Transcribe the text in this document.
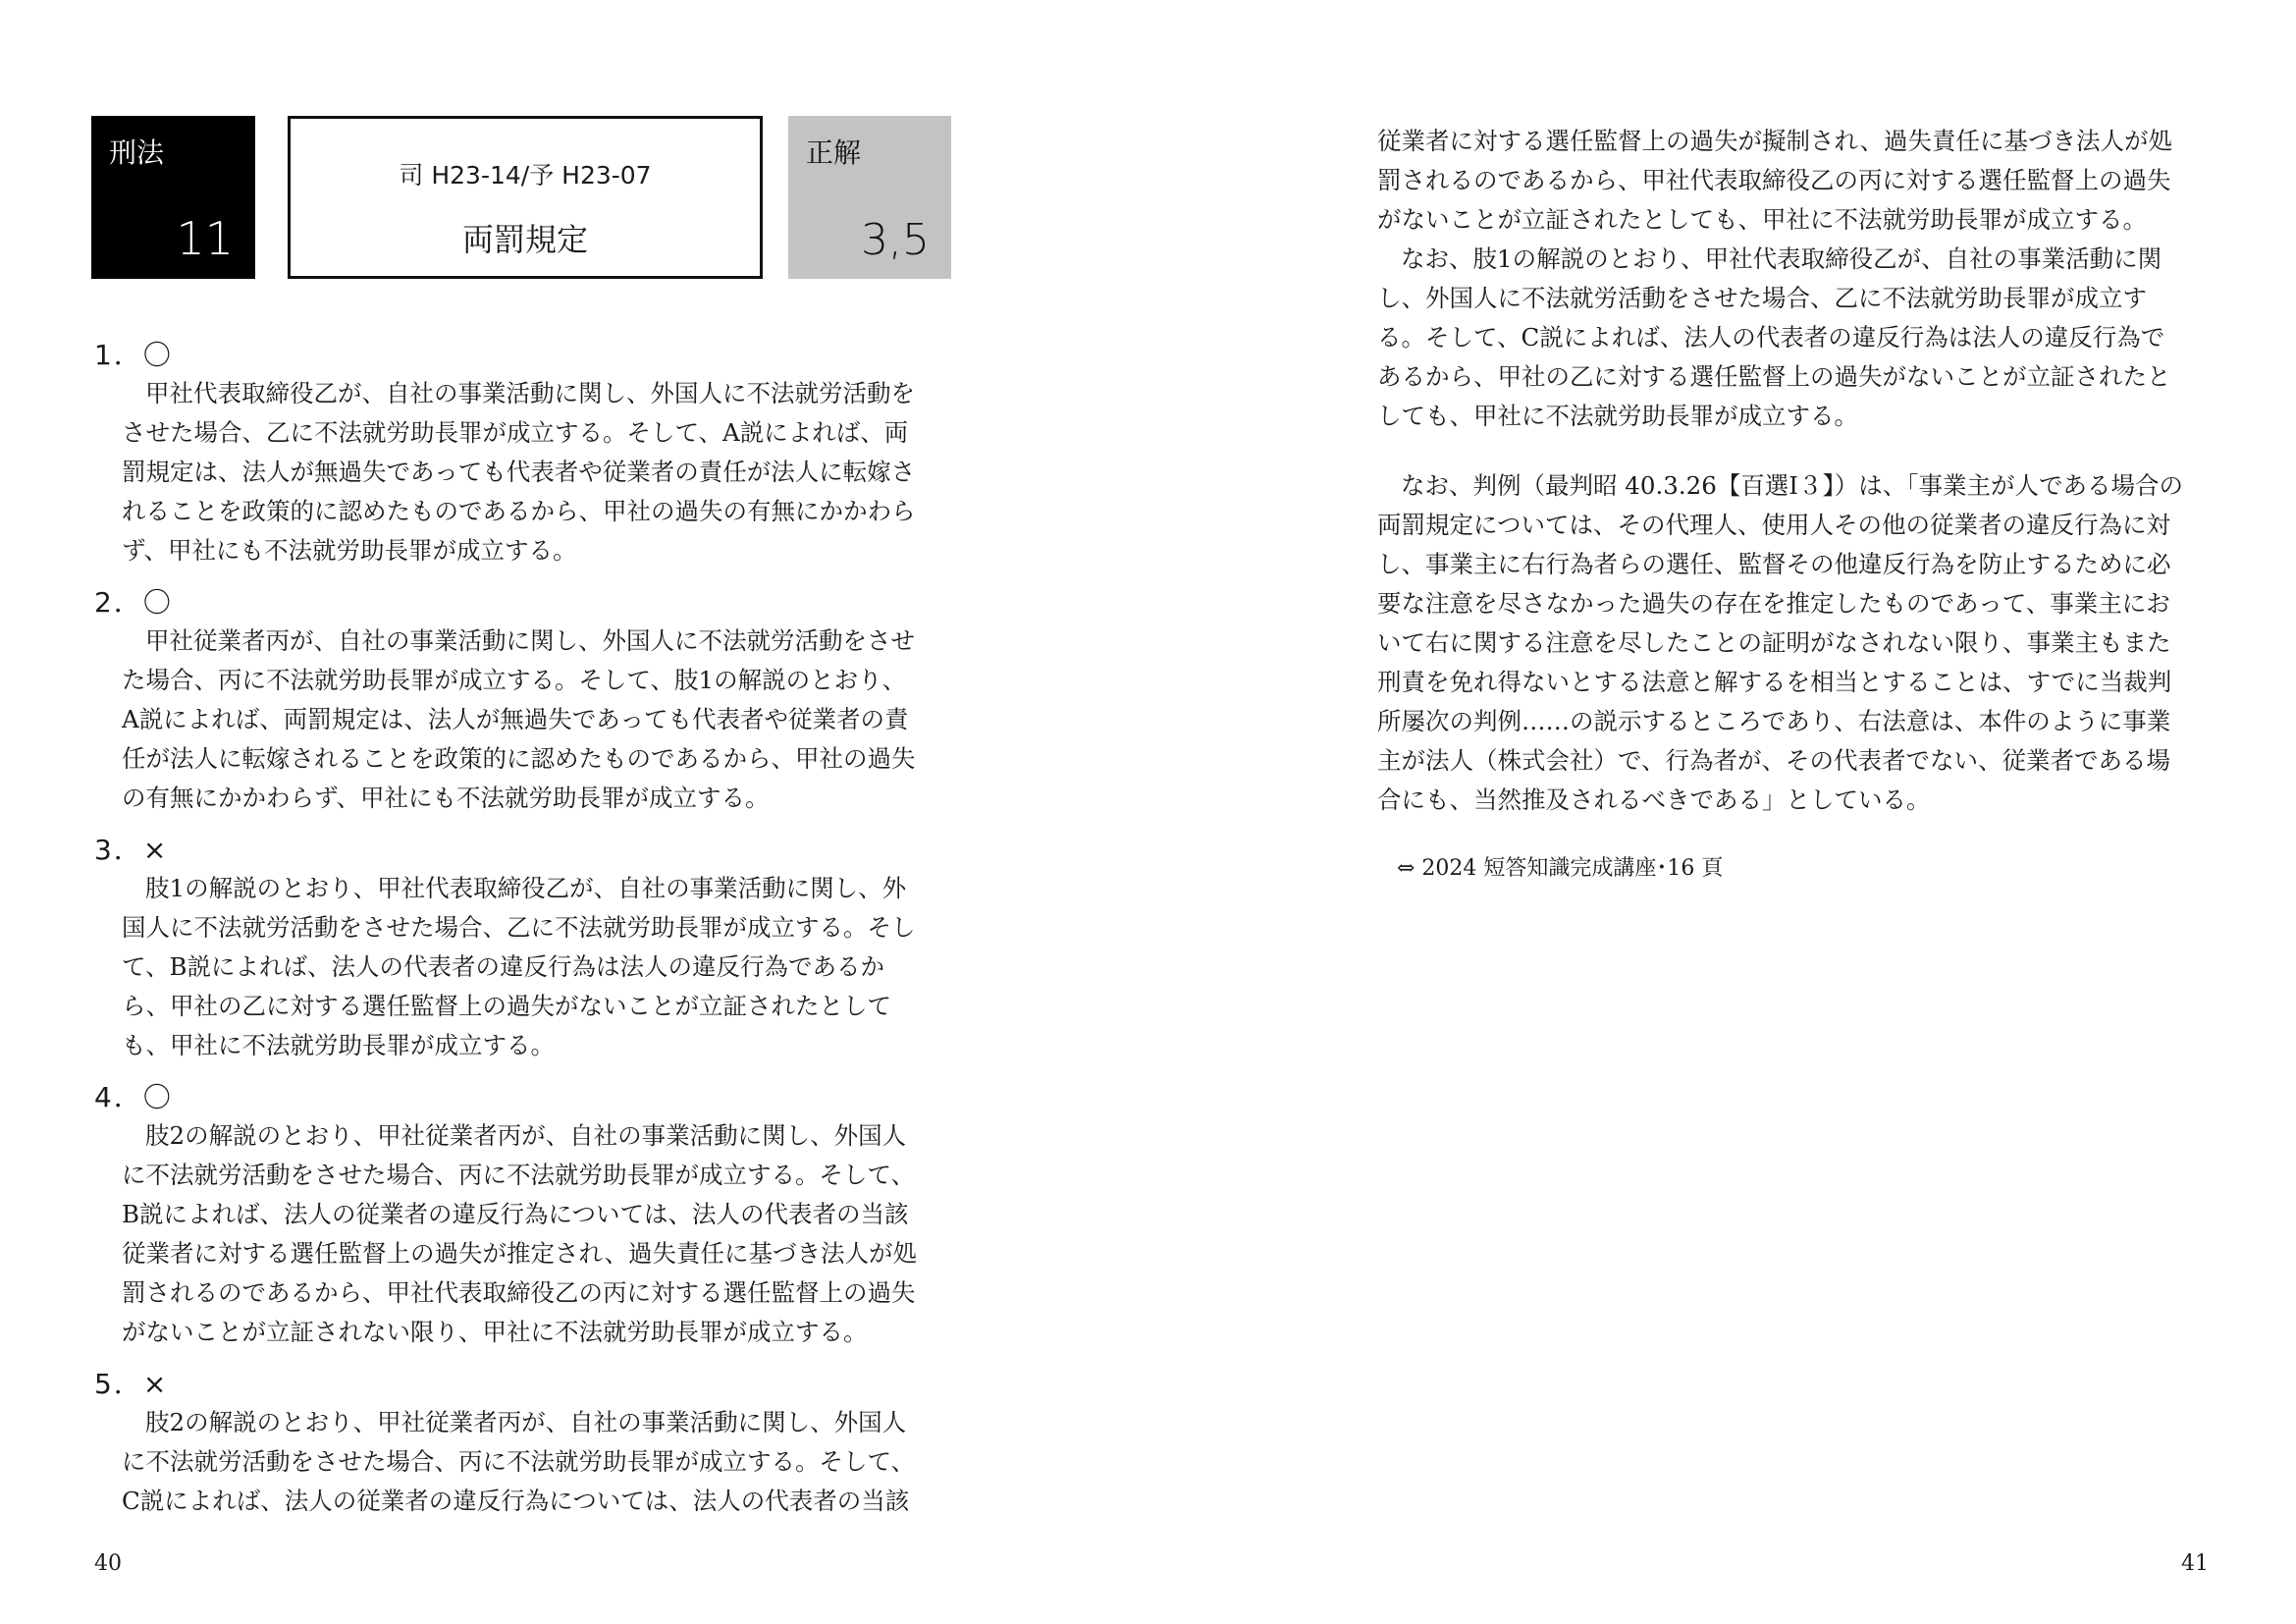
刑法
11
司 H23-14/予 H23-07
両罰規定
正解
3,5
1．〇
甲社代表取締役乙が、自社の事業活動に関し、外国人に不法就労活動を
させた場合、乙に不法就労助長罪が成立する。そして、A説によれば、両
罰規定は、法人が無過失であっても代表者や従業者の責任が法人に転嫁さ
れることを政策的に認めたものであるから、甲社の過失の有無にかかわら
ず、甲社にも不法就労助長罪が成立する。
2．〇
甲社従業者丙が、自社の事業活動に関し、外国人に不法就労活動をさせ
た場合、丙に不法就労助長罪が成立する。そして、肢1の解説のとおり、
A説によれば、両罰規定は、法人が無過失であっても代表者や従業者の責
任が法人に転嫁されることを政策的に認めたものであるから、甲社の過失
の有無にかかわらず、甲社にも不法就労助長罪が成立する。
3．×
肢1の解説のとおり、甲社代表取締役乙が、自社の事業活動に関し、外
国人に不法就労活動をさせた場合、乙に不法就労助長罪が成立する。そし
て、B説によれば、法人の代表者の違反行為は法人の違反行為であるか
ら、甲社の乙に対する選任監督上の過失がないことが立証されたとして
も、甲社に不法就労助長罪が成立する。
4．〇
肢2の解説のとおり、甲社従業者丙が、自社の事業活動に関し、外国人
に不法就労活動をさせた場合、丙に不法就労助長罪が成立する。そして、
B説によれば、法人の従業者の違反行為については、法人の代表者の当該
従業者に対する選任監督上の過失が推定され、過失責任に基づき法人が処
罰されるのであるから、甲社代表取締役乙の丙に対する選任監督上の過失
がないことが立証されない限り、甲社に不法就労助長罪が成立する。
5．×
肢2の解説のとおり、甲社従業者丙が、自社の事業活動に関し、外国人
に不法就労活動をさせた場合、丙に不法就労助長罪が成立する。そして、
C説によれば、法人の従業者の違反行為については、法人の代表者の当該
40
従業者に対する選任監督上の過失が擬制され、過失責任に基づき法人が処
罰されるのであるから、甲社代表取締役乙の丙に対する選任監督上の過失
がないことが立証されたとしても、甲社に不法就労助長罪が成立する。
なお、肢1の解説のとおり、甲社代表取締役乙が、自社の事業活動に関
し、外国人に不法就労活動をさせた場合、乙に不法就労助長罪が成立す
る。そして、C説によれば、法人の代表者の違反行為は法人の違反行為で
あるから、甲社の乙に対する選任監督上の過失がないことが立証されたと
しても、甲社に不法就労助長罪が成立する。
なお、判例（最判昭 40.3.26【百選Ⅰ３】）は、「事業主が人である場合の
両罰規定については、その代理人、使用人その他の従業者の違反行為に対
し、事業主に右行為者らの選任、監督その他違反行為を防止するために必
要な注意を尽さなかった過失の存在を推定したものであって、事業主にお
いて右に関する注意を尽したことの証明がなされない限り、事業主もまた
刑責を免れ得ないとする法意と解するを相当とすることは、すでに当裁判
所屡次の判例……の説示するところであり、右法意は、本件のように事業
主が法人（株式会社）で、行為者が、その代表者でない、従業者である場
合にも、当然推及されるべきである」としている。
⇔ 2024 短答知識完成講座･16 頁
41
